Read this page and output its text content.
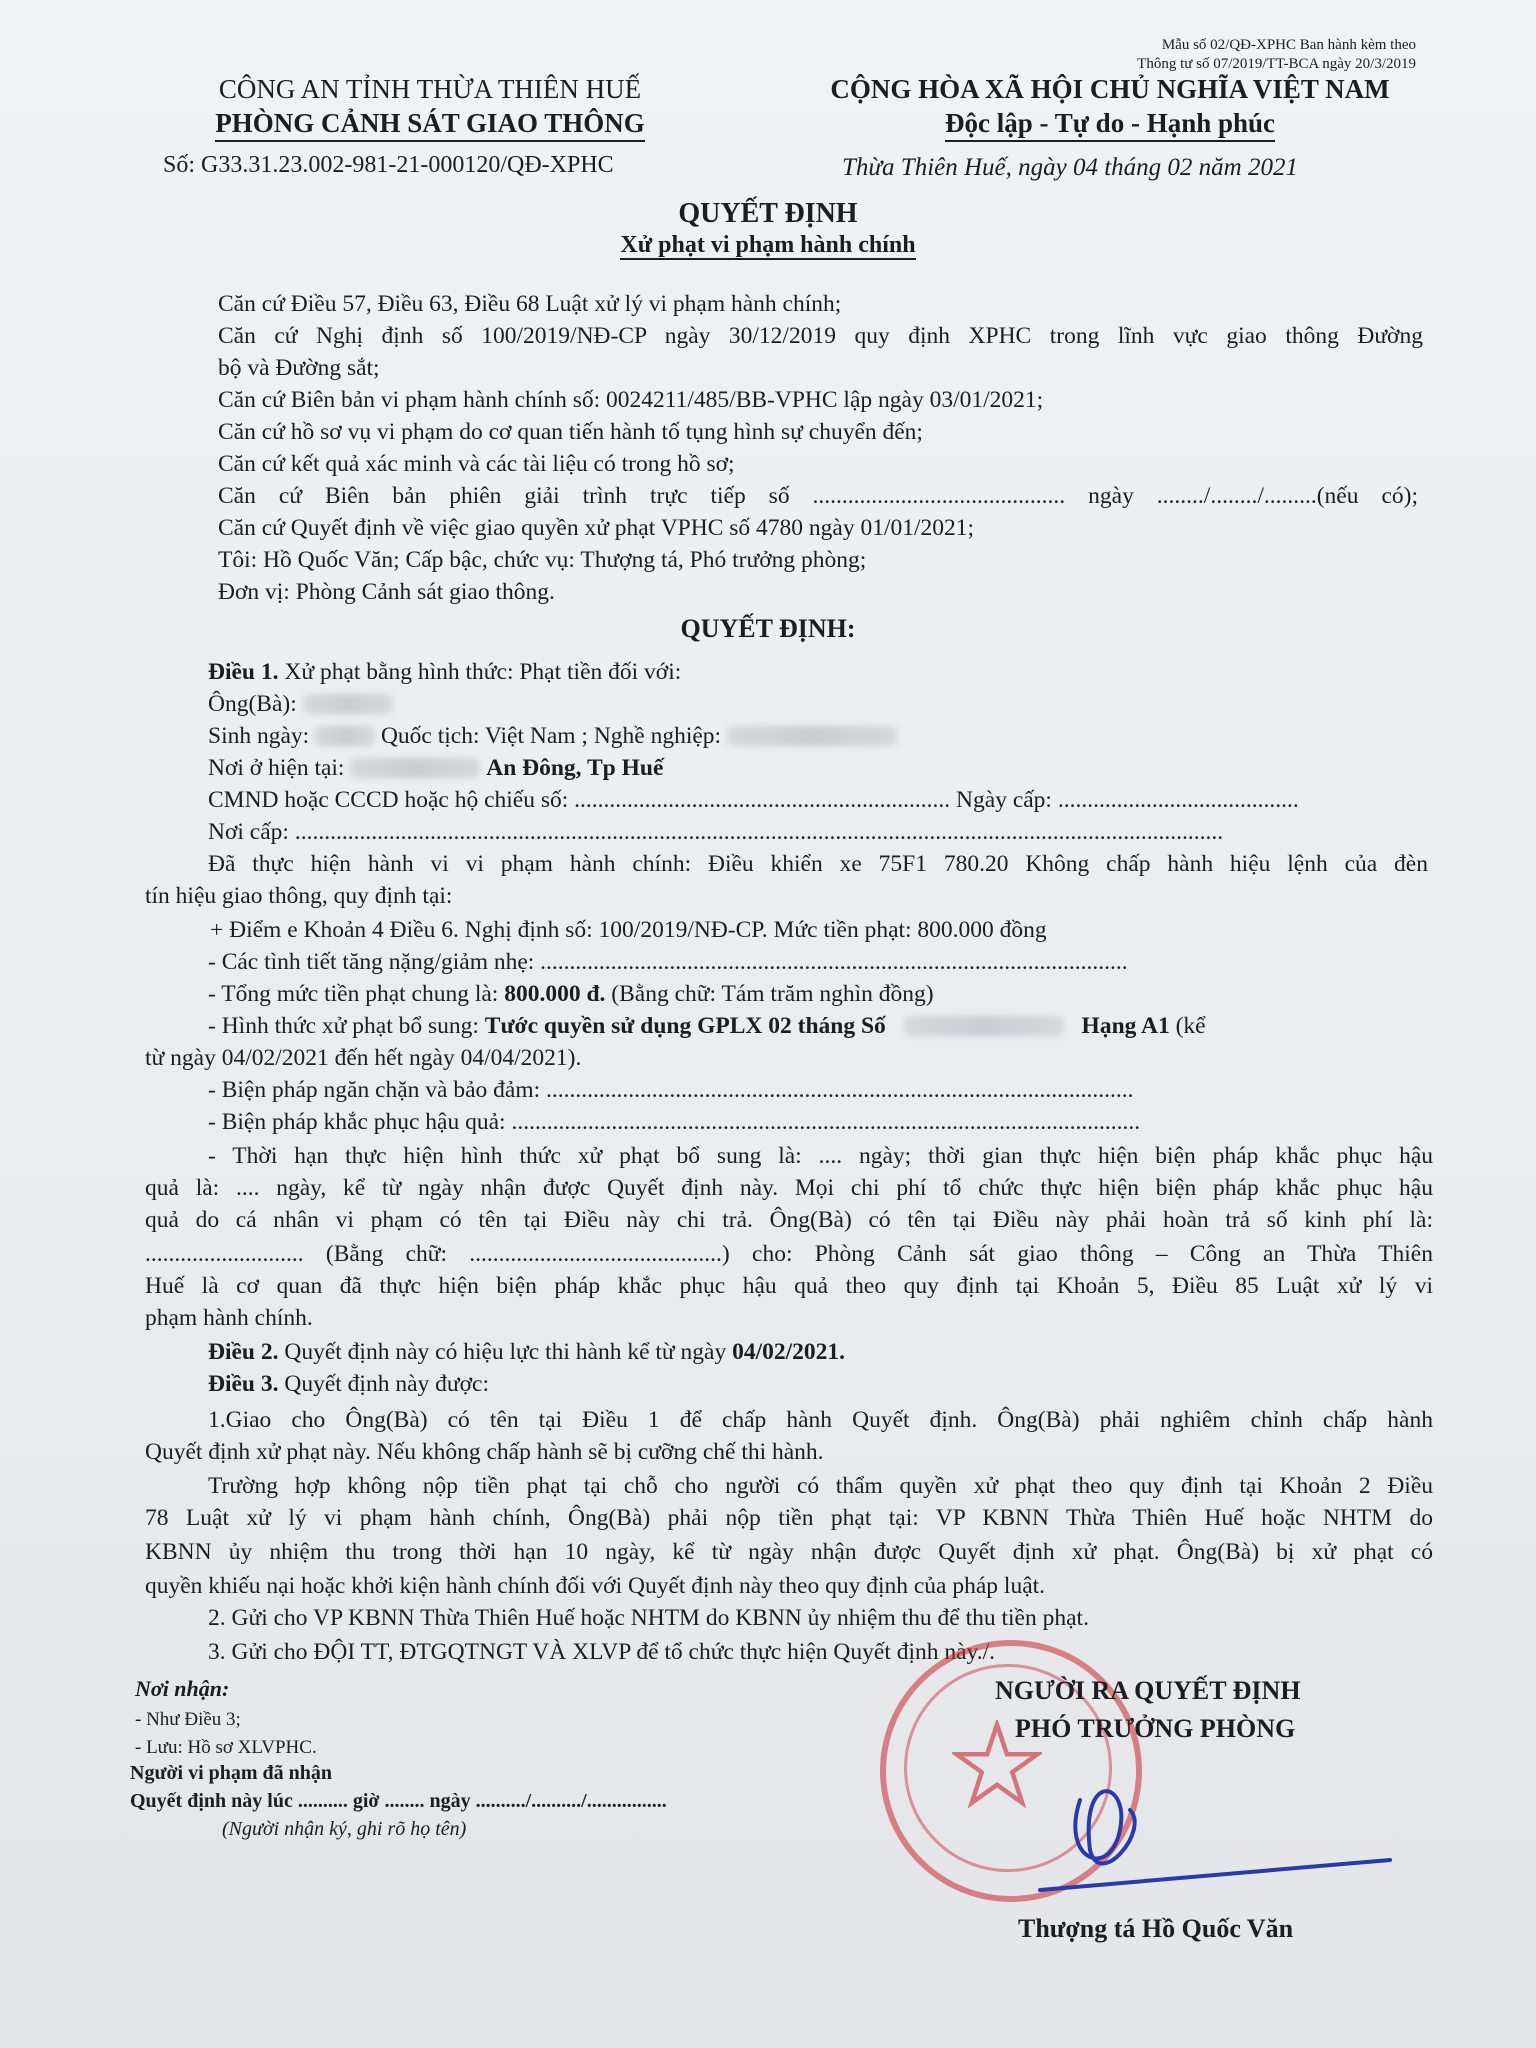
Mẫu số 02/QĐ-XPHC Ban hành kèm theo
Thông tư số 07/2019/TT-BCA ngày 20/3/2019
CÔNG AN TỈNH THỪA THIÊN HUẾ
PHÒNG CẢNH SÁT GIAO THÔNG
Số: G33.31.23.002-981-21-000120/QĐ-XPHC
CỘNG HÒA XÃ HỘI CHỦ NGHĨA VIỆT NAM
Độc lập - Tự do - Hạnh phúc
Thừa Thiên Huế, ngày 04 tháng 02 năm 2021
QUYẾT ĐỊNH
Xử phạt vi phạm hành chính
Căn cứ Điều 57, Điều 63, Điều 68 Luật xử lý vi phạm hành chính;
Căn cứ Nghị định số 100/2019/NĐ-CP ngày 30/12/2019 quy định XPHC trong lĩnh vực giao thông Đường
bộ và Đường sắt;
Căn cứ Biên bản vi phạm hành chính số: 0024211/485/BB-VPHC lập ngày 03/01/2021;
Căn cứ hồ sơ vụ vi phạm do cơ quan tiến hành tố tụng hình sự chuyển đến;
Căn cứ kết quả xác minh và các tài liệu có trong hồ sơ;
Căn cứ Biên bản phiên giải trình trực tiếp số ........................................... ngày ......../......../.........(nếu có);
Căn cứ Quyết định về việc giao quyền xử phạt VPHC số 4780 ngày 01/01/2021;
Tôi: Hồ Quốc Văn; Cấp bậc, chức vụ: Thượng tá, Phó trưởng phòng;
Đơn vị: Phòng Cảnh sát giao thông.
QUYẾT ĐỊNH:
Điều 1. Xử phạt bằng hình thức: Phạt tiền đối với:
Ông(Bà):
Sinh ngày:	Quốc tịch: Việt Nam ; Nghề nghiệp:
Nơi ở hiện tại:	An Đông, Tp Huế
CMND hoặc CCCD hoặc hộ chiếu số: ................................................................ Ngày cấp: .........................................
Nơi cấp: ..............................................................................................................................................................
Đã thực hiện hành vi vi phạm hành chính: Điều khiển xe 75F1 780.20 Không chấp hành hiệu lệnh của đèn
tín hiệu giao thông, quy định tại:
+ Điểm e Khoản 4 Điều 6. Nghị định số: 100/2019/NĐ-CP. Mức tiền phạt: 800.000 đồng
- Các tình tiết tăng nặng/giảm nhẹ: ....................................................................................................
- Tổng mức tiền phạt chung là: 800.000 đ. (Bằng chữ: Tám trăm nghìn đồng)
- Hình thức xử phạt bổ sung: Tước quyền sử dụng GPLX 02 tháng Số	Hạng A1 (kể
từ ngày 04/02/2021 đến hết ngày 04/04/2021).
- Biện pháp ngăn chặn và bảo đảm: ....................................................................................................
- Biện pháp khắc phục hậu quả: ...........................................................................................................
- Thời hạn thực hiện hình thức xử phạt bổ sung là: .... ngày; thời gian thực hiện biện pháp khắc phục hậu
quả là: .... ngày, kể từ ngày nhận được Quyết định này. Mọi chi phí tổ chức thực hiện biện pháp khắc phục hậu
quả do cá nhân vi phạm có tên tại Điều này chi trả. Ông(Bà) có tên tại Điều này phải hoàn trả số kinh phí là:
........................... (Bằng chữ: ...........................................) cho: Phòng Cảnh sát giao thông – Công an Thừa Thiên
Huế là cơ quan đã thực hiện biện pháp khắc phục hậu quả theo quy định tại Khoản 5, Điều 85 Luật xử lý vi
phạm hành chính.
Điều 2. Quyết định này có hiệu lực thi hành kể từ ngày 04/02/2021.
Điều 3. Quyết định này được:
1.Giao cho Ông(Bà) có tên tại Điều 1 để chấp hành Quyết định. Ông(Bà) phải nghiêm chỉnh chấp hành
Quyết định xử phạt này. Nếu không chấp hành sẽ bị cưỡng chế thi hành.
Trường hợp không nộp tiền phạt tại chỗ cho người có thẩm quyền xử phạt theo quy định tại Khoản 2 Điều
78 Luật xử lý vi phạm hành chính, Ông(Bà) phải nộp tiền phạt tại: VP KBNN Thừa Thiên Huế hoặc NHTM do
KBNN ủy nhiệm thu trong thời hạn 10 ngày, kể từ ngày nhận được Quyết định xử phạt. Ông(Bà) bị xử phạt có
quyền khiếu nại hoặc khởi kiện hành chính đối với Quyết định này theo quy định của pháp luật.
2. Gửi cho VP KBNN Thừa Thiên Huế hoặc NHTM do KBNN ủy nhiệm thu để thu tiền phạt.
3. Gửi cho ĐỘI TT, ĐTGQTNGT VÀ XLVP để tổ chức thực hiện Quyết định này./.
Nơi nhận:
- Như Điều 3;
- Lưu: Hồ sơ XLVPHC.
Người vi phạm đã nhận
Quyết định này lúc .......... giờ ........ ngày ........../........../................
(Người nhận ký, ghi rõ họ tên)
NGƯỜI RA QUYẾT ĐỊNH
PHÓ TRƯỞNG PHÒNG
Thượng tá Hồ Quốc Văn
